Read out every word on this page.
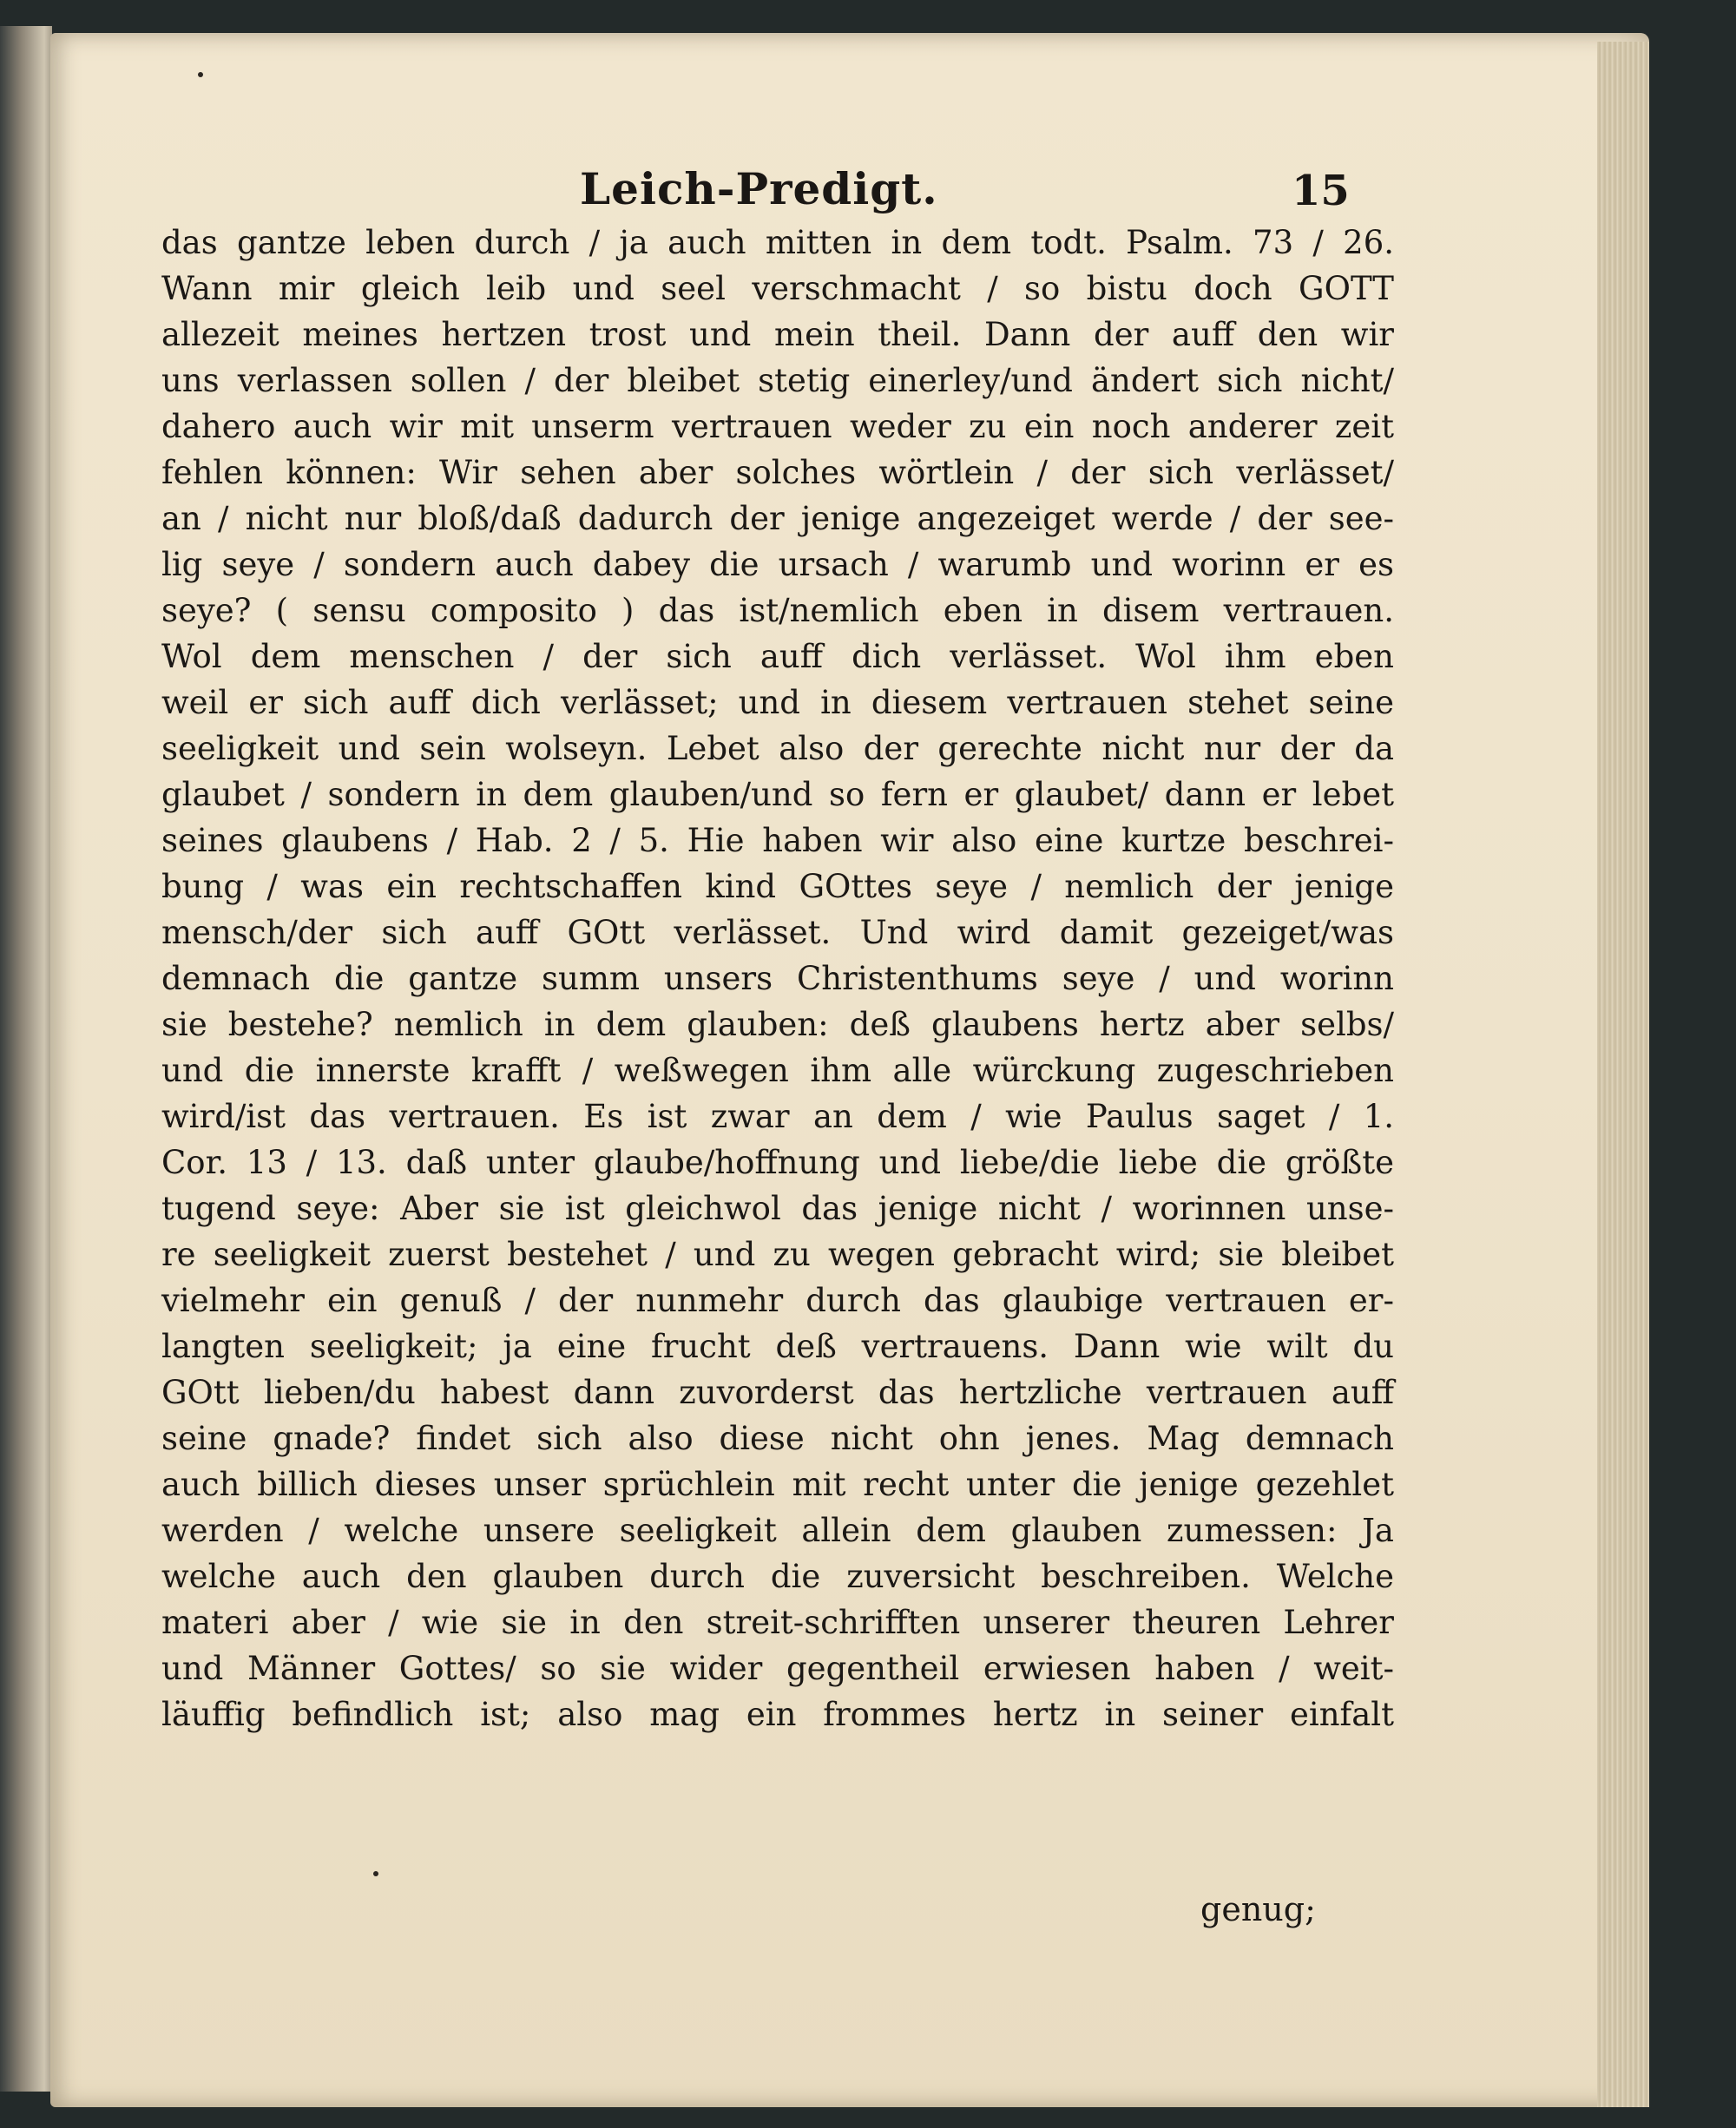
Leich-Predigt.	15
das gantze leben durch / ja auch mitten in dem todt. Psalm. 73 / 26.
Wann mir gleich leib und seel verschmacht / so bistu doch GOTT
allezeit meines hertzen trost und mein theil. Dann der auff den wir
uns verlassen sollen / der bleibet stetig einerley/und ändert sich nicht/
dahero auch wir mit unserm vertrauen weder zu ein noch anderer zeit
fehlen können: Wir sehen aber solches wörtlein / der sich verlässet/
an / nicht nur bloß/daß dadurch der jenige angezeiget werde / der see-
lig seye / sondern auch dabey die ursach / warumb und worinn er es
seye? ( sensu composito ) das ist/nemlich eben in disem vertrauen.
Wol dem menschen / der sich auff dich verlässet. Wol ihm eben
weil er sich auff dich verlässet; und in diesem vertrauen stehet seine
seeligkeit und sein wolseyn. Lebet also der gerechte nicht nur der da
glaubet / sondern in dem glauben/und so fern er glaubet/ dann er lebet
seines glaubens / Hab. 2 / 5. Hie haben wir also eine kurtze beschrei-
bung / was ein rechtschaffen kind GOttes seye / nemlich der jenige
mensch/der sich auff GOtt verlässet. Und wird damit gezeiget/was
demnach die gantze summ unsers Christenthums seye / und worinn
sie bestehe? nemlich in dem glauben: deß glaubens hertz aber selbs/
und die innerste krafft / weßwegen ihm alle würckung zugeschrieben
wird/ist das vertrauen. Es ist zwar an dem / wie Paulus saget / 1.
Cor. 13 / 13. daß unter glaube/hoffnung und liebe/die liebe die größte
tugend seye: Aber sie ist gleichwol das jenige nicht / worinnen unse-
re seeligkeit zuerst bestehet / und zu wegen gebracht wird; sie bleibet
vielmehr ein genuß / der nunmehr durch das glaubige vertrauen er-
langten seeligkeit; ja eine frucht deß vertrauens. Dann wie wilt du
GOtt lieben/du habest dann zuvorderst das hertzliche vertrauen auff
seine gnade? findet sich also diese nicht ohn jenes. Mag demnach
auch billich dieses unser sprüchlein mit recht unter die jenige gezehlet
werden / welche unsere seeligkeit allein dem glauben zumessen: Ja
welche auch den glauben durch die zuversicht beschreiben. Welche
materi aber / wie sie in den streit-schrifften unserer theuren Lehrer
und Männer Gottes/ so sie wider gegentheil erwiesen haben / weit-
läuffig befindlich ist; also mag ein frommes hertz in seiner einfalt
genug;
